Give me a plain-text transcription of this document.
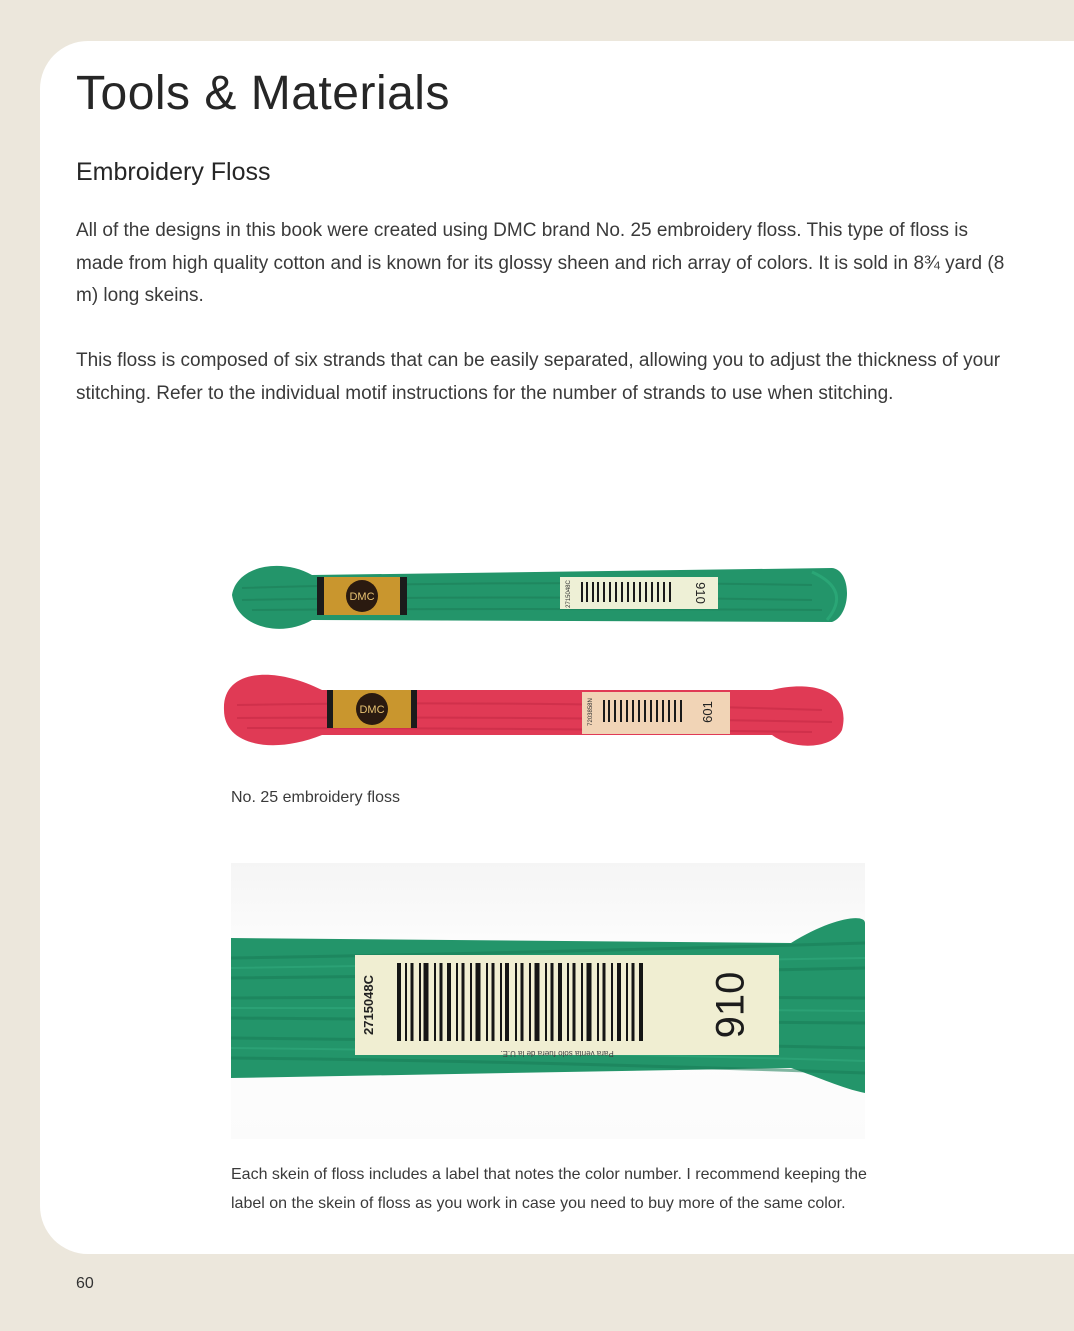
Tools & Materials
Embroidery Floss

All of the designs in this book were created using DMC brand No. 25 embroidery floss. This type of floss is made from high quality cotton and is known for its glossy sheen and rich array of colors. It is sold in 8¾ yard (8 m) long skeins.

This floss is composed of six strands that can be easily separated, allowing you to adjust the thickness of your stitching. Refer to the individual motif instructions for the number of strands to use when stitching.

DMC	2715048C	910
DMC	7203858N	601

No. 25 embroidery floss

2715048C
Para venta solo fuera de la U.E.
910

Each skein of floss includes a label that notes the color number. I recommend keeping the label on the skein of floss as you work in case you need to buy more of the same color.

60
